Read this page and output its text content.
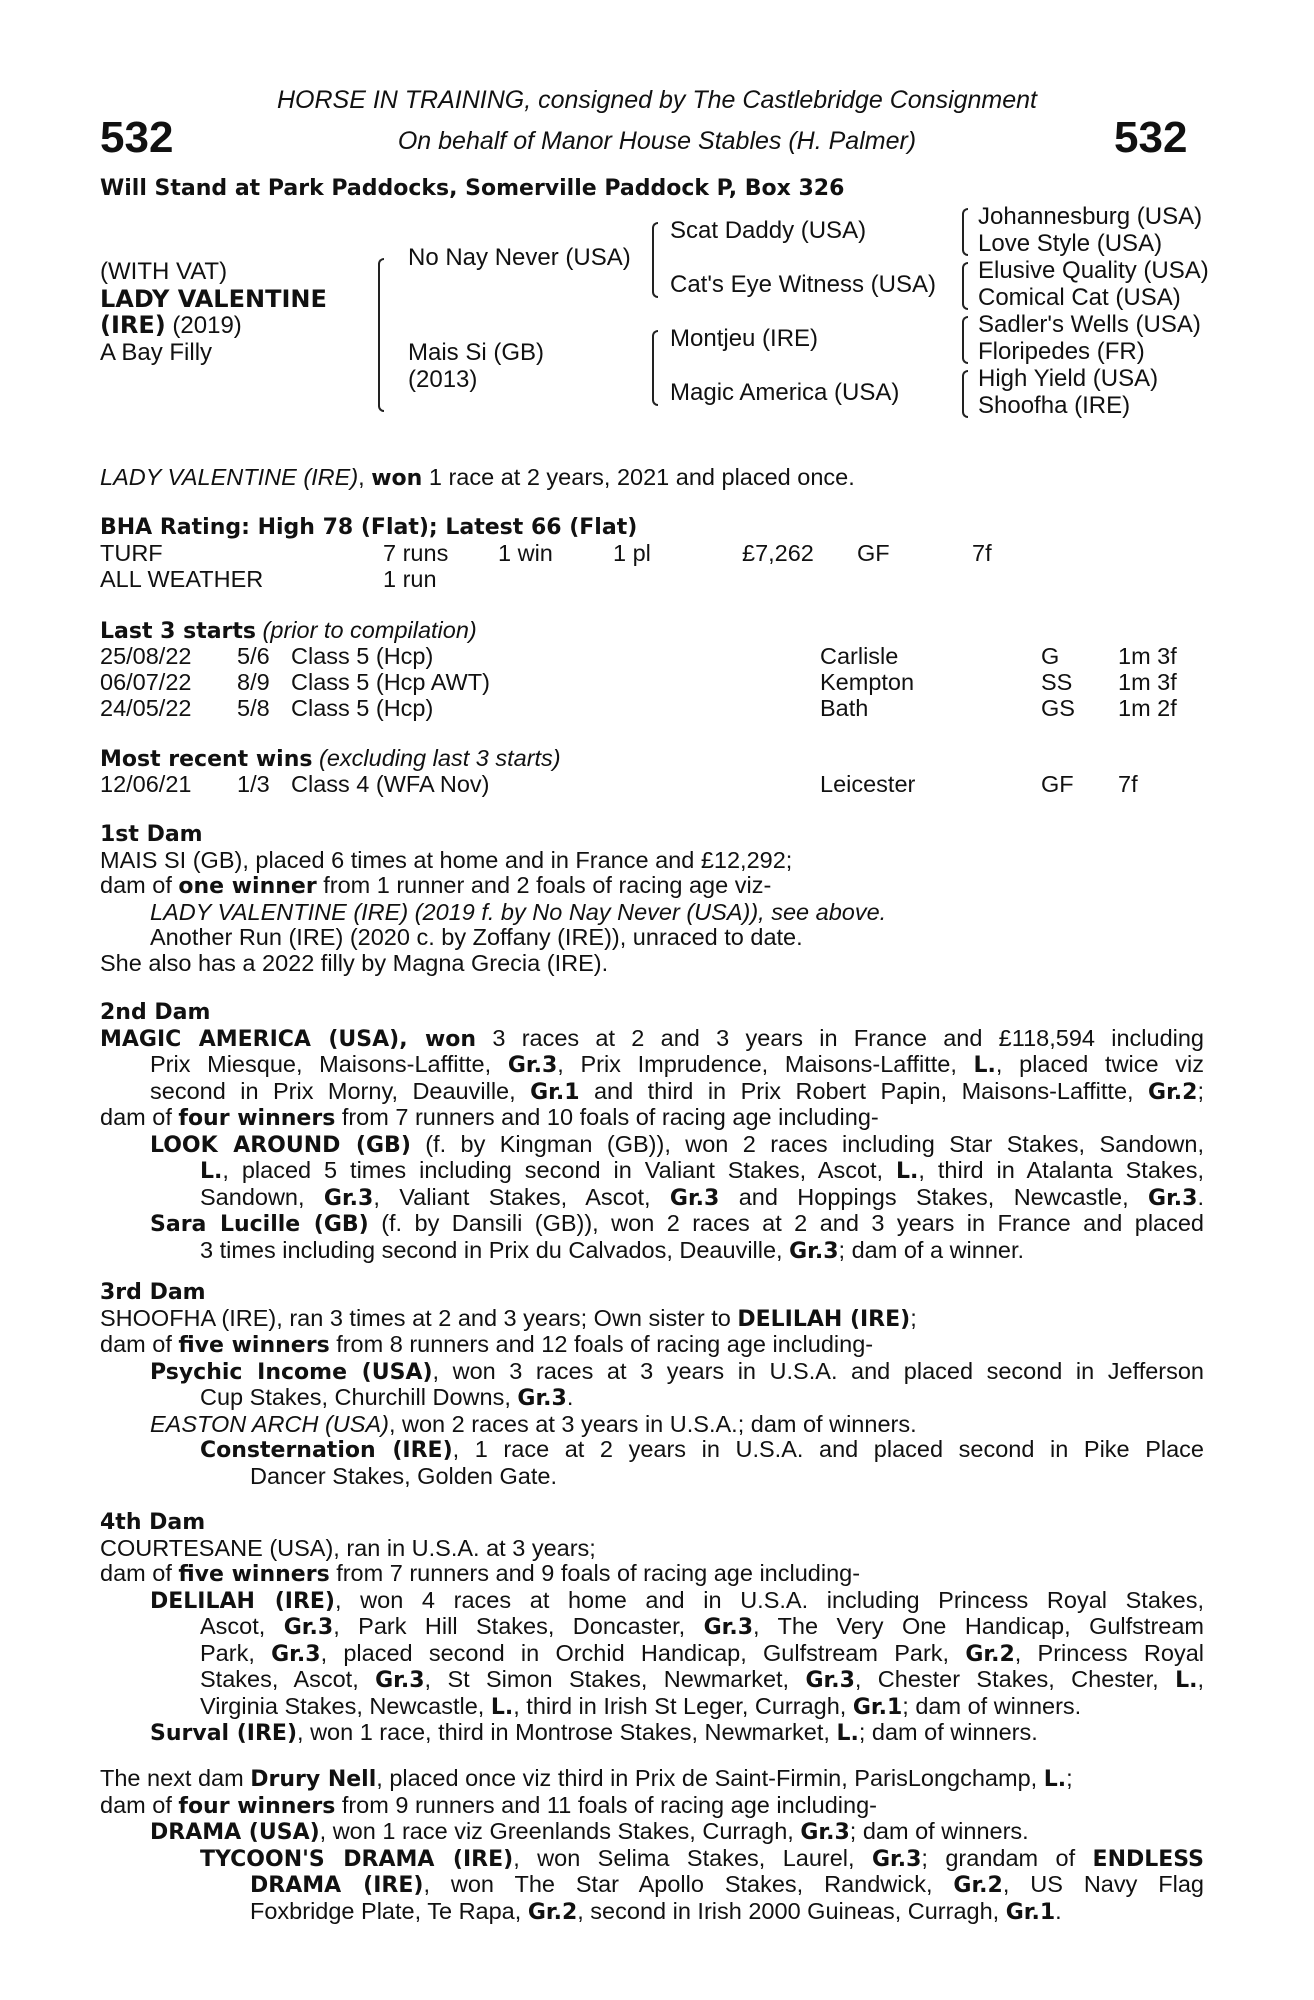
532	532
HORSE IN TRAINING, consigned by The Castlebridge Consignment
On behalf of Manor House Stables (H. Palmer)
Will Stand at Park Paddocks, Somerville Paddock P, Box 326
(WITH VAT)
LADY VALENTINE
(IRE) (2019)
A Bay Filly
No Nay Never (USA)
Mais Si (GB)
(2013)
Scat Daddy (USA)
Cat's Eye Witness (USA)
Montjeu (IRE)
Magic America (USA)
Johannesburg (USA)
Love Style (USA)
Elusive Quality (USA)
Comical Cat (USA)
Sadler's Wells (USA)
Floripedes (FR)
High Yield (USA)
Shoofha (IRE)
LADY VALENTINE (IRE), won 1 race at 2 years, 2021 and placed once.
BHA Rating: High 78 (Flat); Latest 66 (Flat)
TURF	7 runs 1 win	1 pl	£7,262 GF	7f
ALL WEATHER	1 run
Last 3 starts (prior to compilation)
25/08/22 5/6 Class 5 (Hcp)	Carlisle	G 1m 3f
06/07/22 8/9 Class 5 (Hcp AWT)	Kempton	SS 1m 3f
24/05/22 5/8 Class 5 (Hcp)	Bath	GS 1m 2f
Most recent wins (excluding last 3 starts)
12/06/21 1/3 Class 4 (WFA Nov)	Leicester	GF 7f
1st Dam
MAIS SI (GB), placed 6 times at home and in France and £12,292;
dam of one winner from 1 runner and 2 foals of racing age viz-
LADY VALENTINE (IRE) (2019 f. by No Nay Never (USA)), see above.
Another Run (IRE) (2020 c. by Zoffany (IRE)), unraced to date.
She also has a 2022 filly by Magna Grecia (IRE).
2nd Dam
MAGIC AMERICA (USA), won 3 races at 2 and 3 years in France and £118,594 including
Prix Miesque, Maisons-Laffitte, Gr.3, Prix Imprudence, Maisons-Laffitte, L., placed twice viz
second in Prix Morny, Deauville, Gr.1 and third in Prix Robert Papin, Maisons-Laffitte, Gr.2;
dam of four winners from 7 runners and 10 foals of racing age including-
LOOK AROUND (GB) (f. by Kingman (GB)), won 2 races including Star Stakes, Sandown,
L., placed 5 times including second in Valiant Stakes, Ascot, L., third in Atalanta Stakes,
Sandown, Gr.3, Valiant Stakes, Ascot, Gr.3 and Hoppings Stakes, Newcastle, Gr.3.
Sara Lucille (GB) (f. by Dansili (GB)), won 2 races at 2 and 3 years in France and placed
3 times including second in Prix du Calvados, Deauville, Gr.3; dam of a winner.
3rd Dam
SHOOFHA (IRE), ran 3 times at 2 and 3 years; Own sister to DELILAH (IRE);
dam of five winners from 8 runners and 12 foals of racing age including-
Psychic Income (USA), won 3 races at 3 years in U.S.A. and placed second in Jefferson
Cup Stakes, Churchill Downs, Gr.3.
EASTON ARCH (USA), won 2 races at 3 years in U.S.A.; dam of winners.
Consternation (IRE), 1 race at 2 years in U.S.A. and placed second in Pike Place
Dancer Stakes, Golden Gate.
4th Dam
COURTESANE (USA), ran in U.S.A. at 3 years;
dam of five winners from 7 runners and 9 foals of racing age including-
DELILAH (IRE), won 4 races at home and in U.S.A. including Princess Royal Stakes,
Ascot, Gr.3, Park Hill Stakes, Doncaster, Gr.3, The Very One Handicap, Gulfstream
Park, Gr.3, placed second in Orchid Handicap, Gulfstream Park, Gr.2, Princess Royal
Stakes, Ascot, Gr.3, St Simon Stakes, Newmarket, Gr.3, Chester Stakes, Chester, L.,
Virginia Stakes, Newcastle, L., third in Irish St Leger, Curragh, Gr.1; dam of winners.
Surval (IRE), won 1 race, third in Montrose Stakes, Newmarket, L.; dam of winners.
The next dam Drury Nell, placed once viz third in Prix de Saint-Firmin, ParisLongchamp, L.;
dam of four winners from 9 runners and 11 foals of racing age including-
DRAMA (USA), won 1 race viz Greenlands Stakes, Curragh, Gr.3; dam of winners.
TYCOON'S DRAMA (IRE), won Selima Stakes, Laurel, Gr.3; grandam of ENDLESS
DRAMA (IRE), won The Star Apollo Stakes, Randwick, Gr.2, US Navy Flag
Foxbridge Plate, Te Rapa, Gr.2, second in Irish 2000 Guineas, Curragh, Gr.1.
